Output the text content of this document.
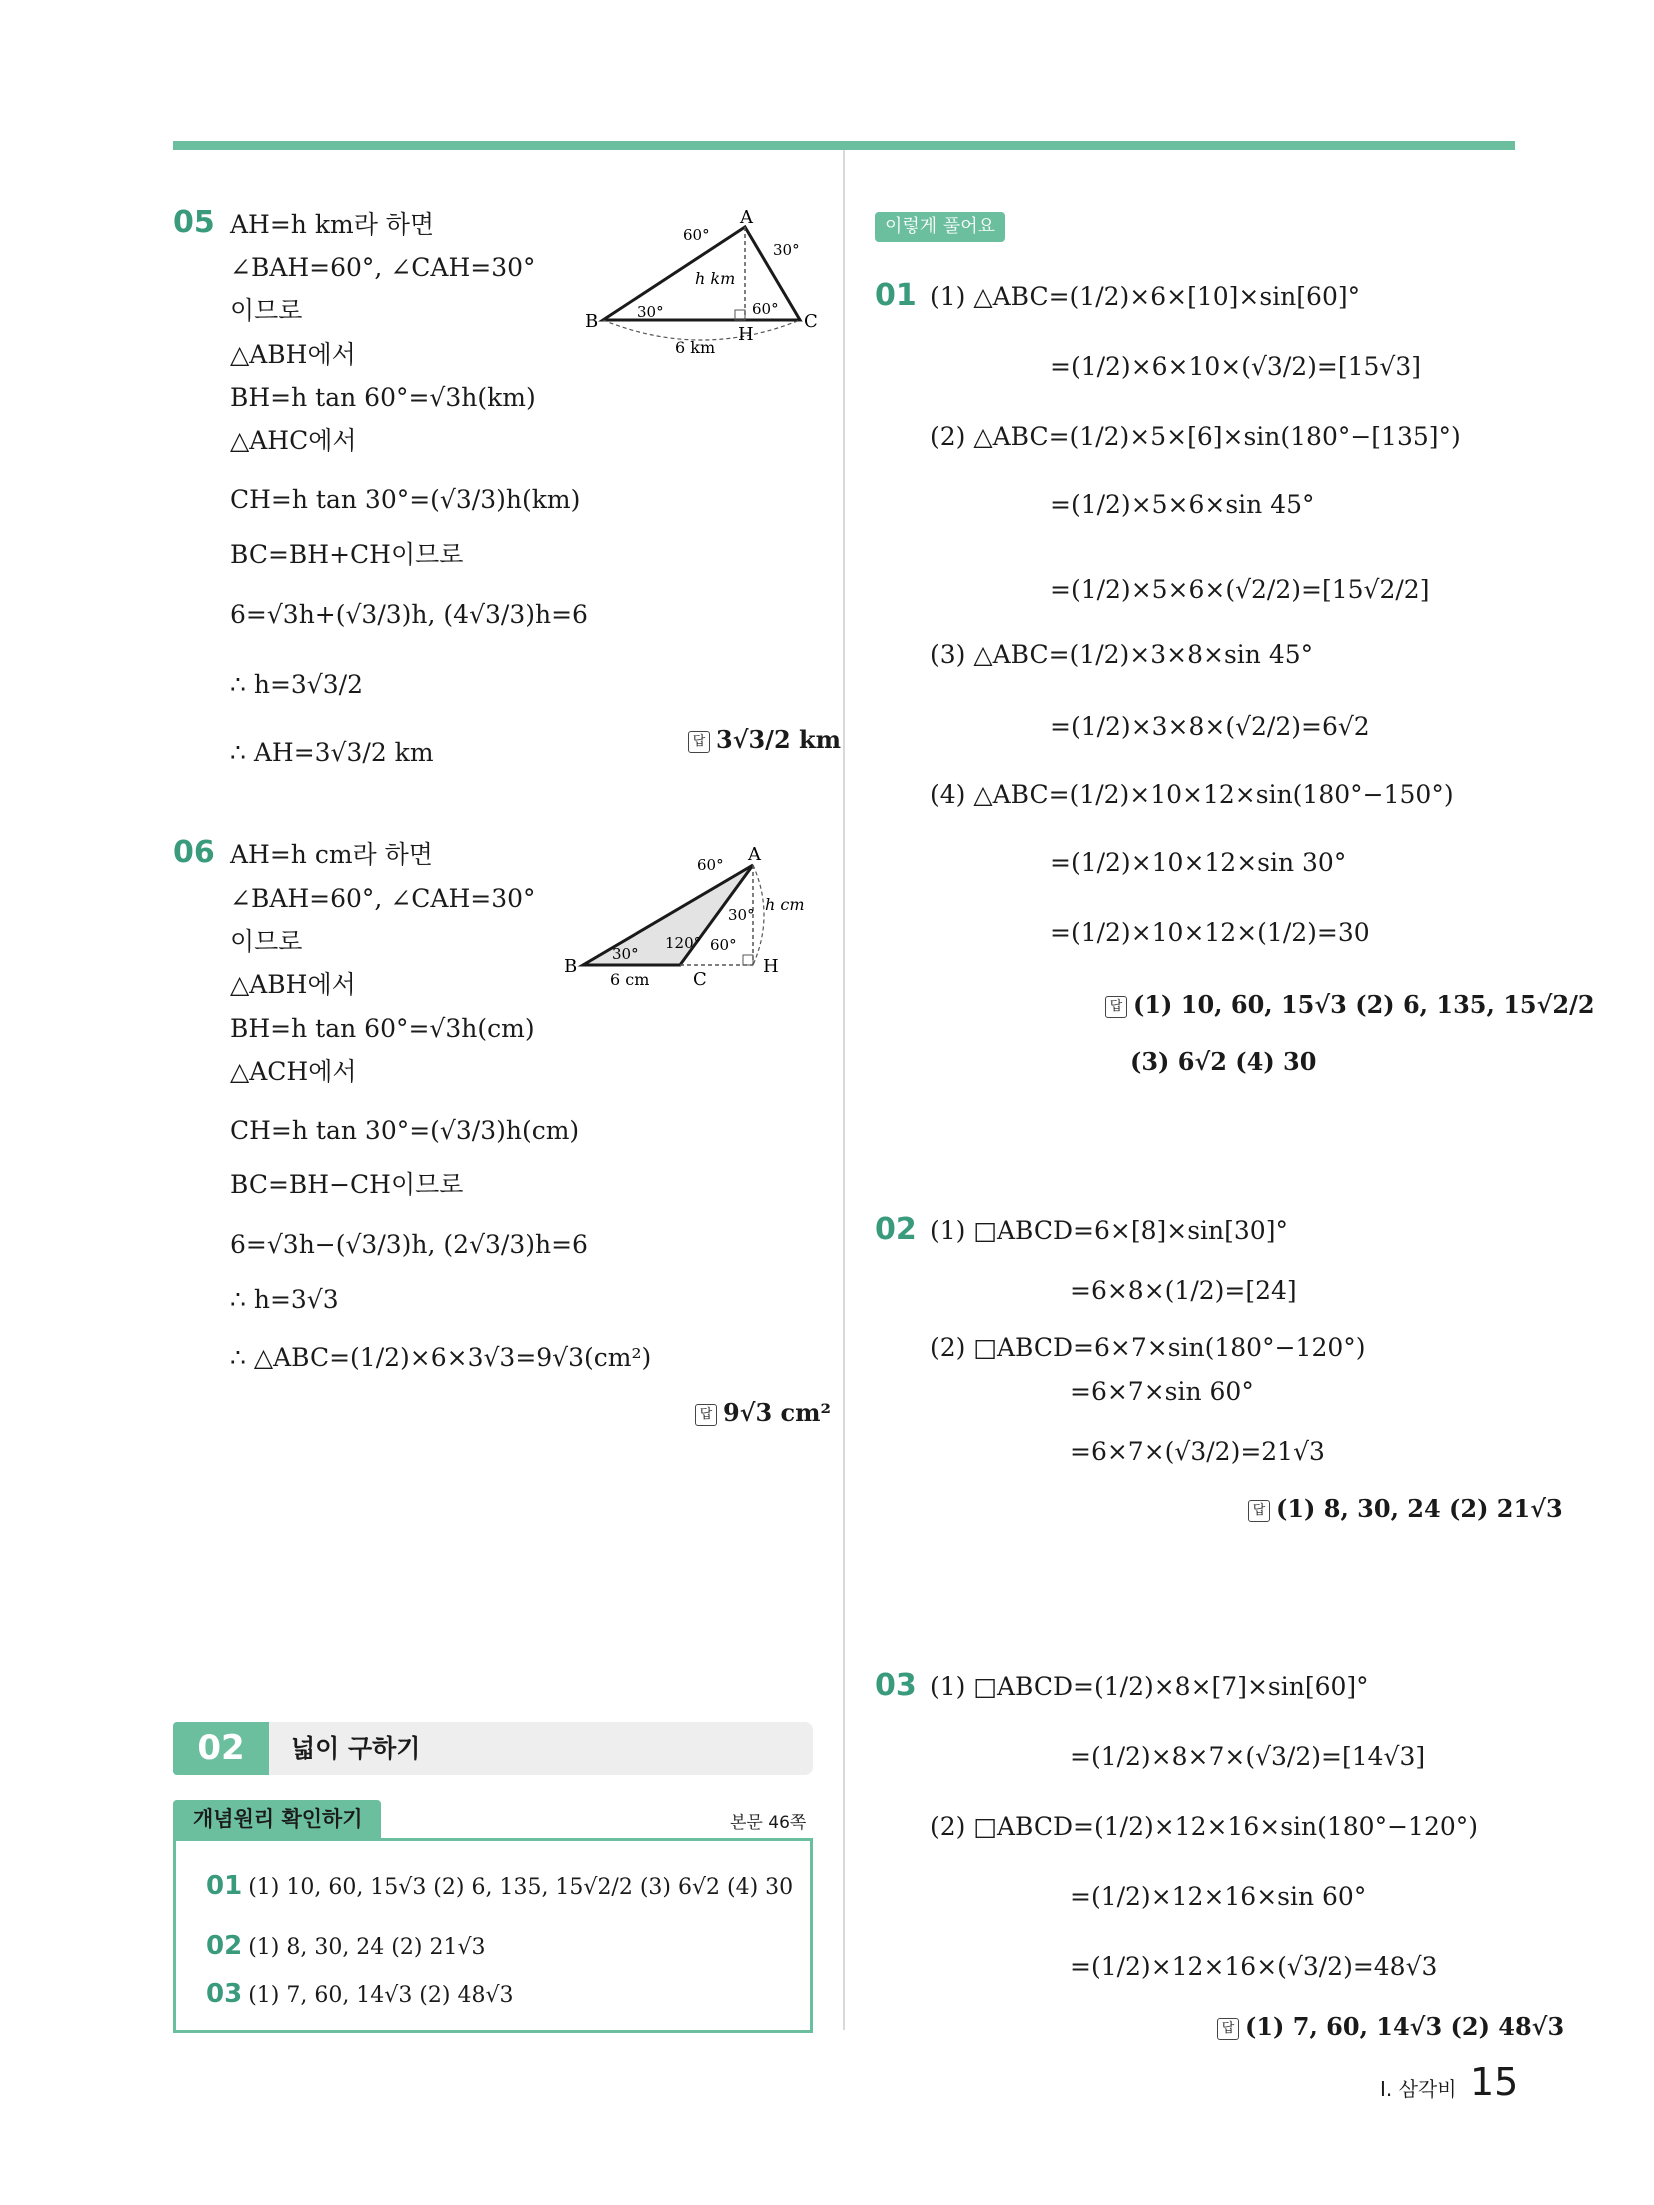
05 AH=h km라 하면
∠BAH=60°, ∠CAH=30°
이므로
△ABH에서
BH=h tan 60°=√3h(km)
△AHC에서
CH=h tan 30°=(√3/3)h(km)
BC=BH+CH이므로
6=√3h+(√3/3)h, (4√3/3)h=6
∴ h=3√3/2
∴ AH=3√3/2 km	답 3√3/2 km
A
B	C
H
60°
30°
30°	60°
h km
6 km
06 AH=h cm라 하면
∠BAH=60°, ∠CAH=30°
이므로
△ABH에서
BH=h tan 60°=√3h(cm)
△ACH에서
CH=h tan 30°=(√3/3)h(cm)
BC=BH−CH이므로
6=√3h−(√3/3)h, (2√3/3)h=6
∴ h=3√3
∴ △ABC=(1/2)×6×3√3=9√3(cm²)
답 9√3 cm²
A
B
C
H
60°
30°
30°
120° 60°
h cm
6 cm
02	넓이 구하기
개념원리 확인하기	본문 46쪽
01 (1) 10, 60, 15√3 (2) 6, 135, 15√2/2 (3) 6√2 (4) 30
02 (1) 8, 30, 24 (2) 21√3
03 (1) 7, 60, 14√3 (2) 48√3
이렇게 풀어요
01 (1) △ABC=(1/2)×6×[10]×sin[60]°
=(1/2)×6×10×(√3/2)=[15√3]
(2) △ABC=(1/2)×5×[6]×sin(180°−[135]°)
=(1/2)×5×6×sin 45°
=(1/2)×5×6×(√2/2)=[15√2/2]
(3) △ABC=(1/2)×3×8×sin 45°
=(1/2)×3×8×(√2/2)=6√2
(4) △ABC=(1/2)×10×12×sin(180°−150°)
=(1/2)×10×12×sin 30°
=(1/2)×10×12×(1/2)=30
답 (1) 10, 60, 15√3 (2) 6, 135, 15√2/2
(3) 6√2 (4) 30
02 (1) □ABCD=6×[8]×sin[30]°
=6×8×(1/2)=[24]
(2) □ABCD=6×7×sin(180°−120°)
=6×7×sin 60°
=6×7×(√3/2)=21√3
답 (1) 8, 30, 24 (2) 21√3
03 (1) □ABCD=(1/2)×8×[7]×sin[60]°
=(1/2)×8×7×(√3/2)=[14√3]
(2) □ABCD=(1/2)×12×16×sin(180°−120°)
=(1/2)×12×16×sin 60°
=(1/2)×12×16×(√3/2)=48√3
답 (1) 7, 60, 14√3 (2) 48√3
I. 삼각비 15
